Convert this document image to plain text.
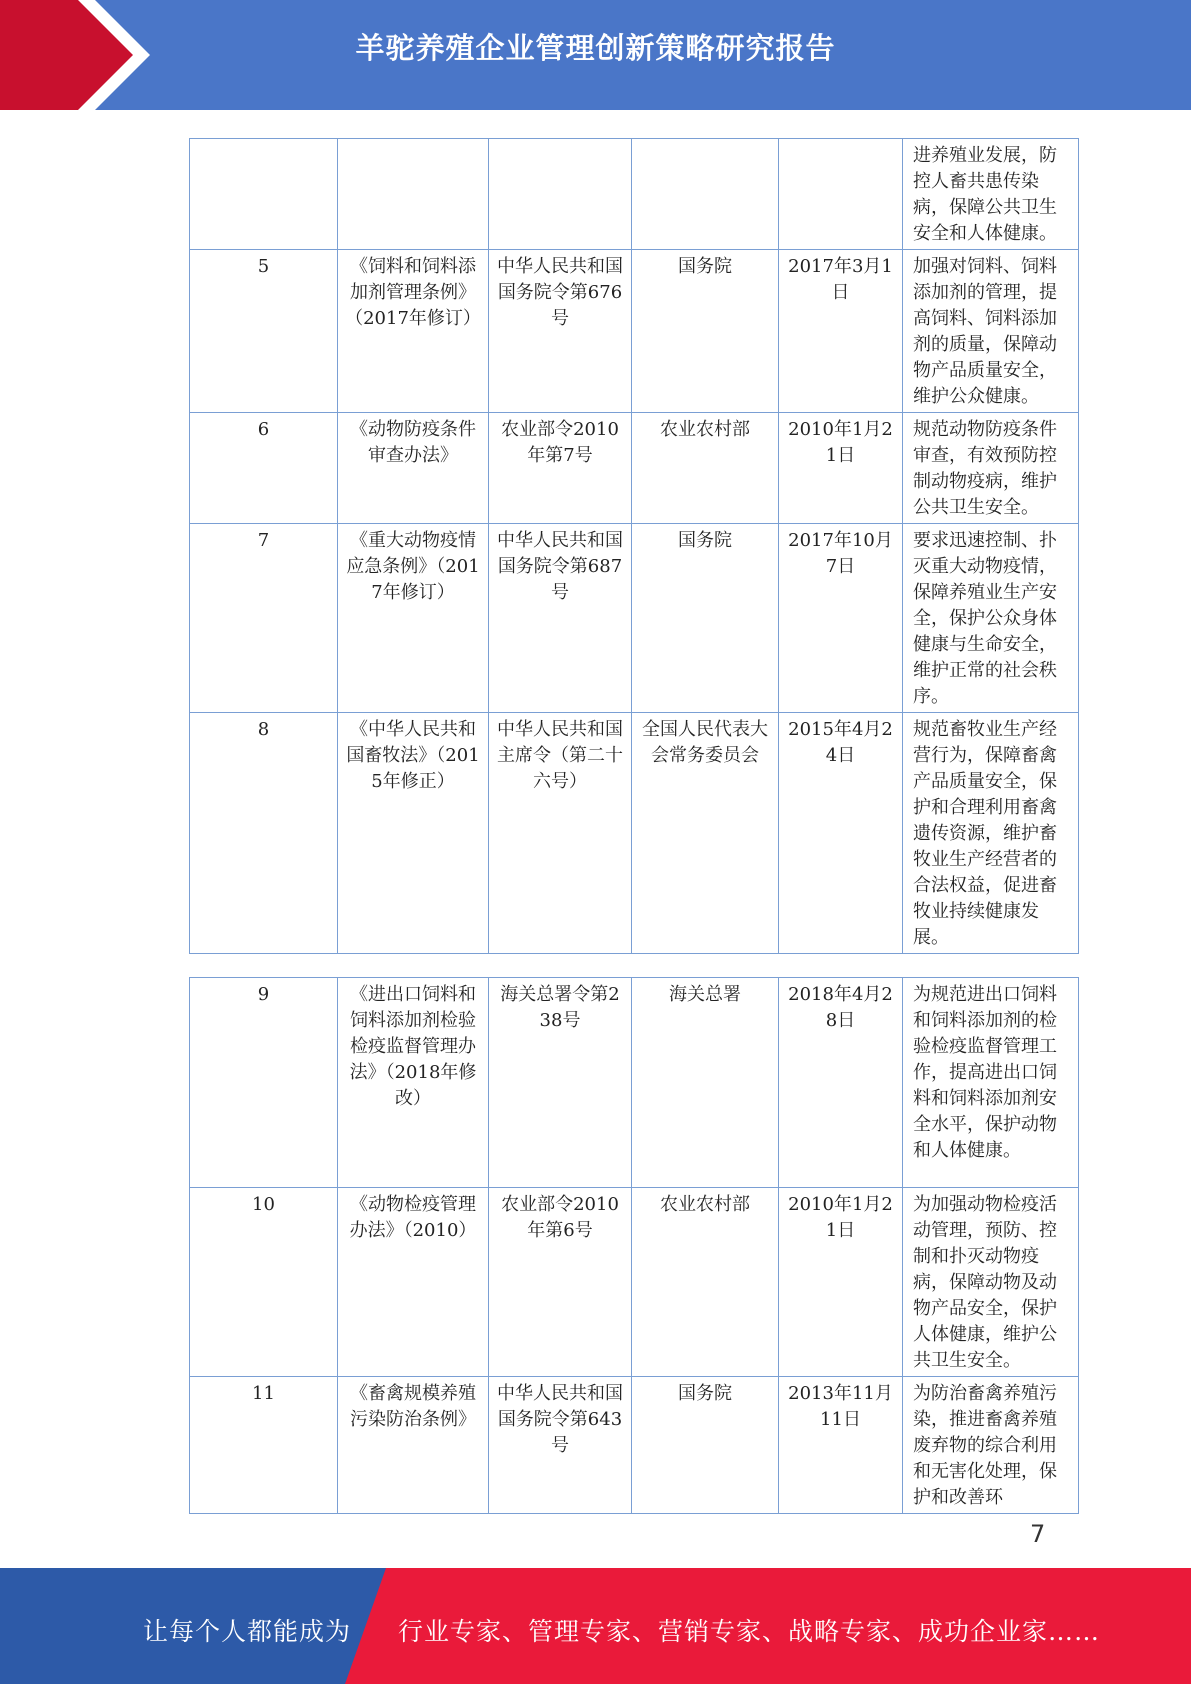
羊驼养殖企业管理创新策略研究报告
					进养殖业发展，防控人畜共患传染病，保障公共卫生安全和人体健康。
5	《饲料和饲料添加剂管理条例》（2017年修订）	中华人民共和国国务院令第676号	国务院	2017年3月1日	加强对饲料、饲料添加剂的管理，提高饲料、饲料添加剂的质量，保障动物产品质量安全，维护公众健康。
6	《动物防疫条件审查办法》	农业部令2010年第7号	农业农村部	2010年1月21日	规范动物防疫条件审查，有效预防控制动物疫病，维护公共卫生安全。
7	《重大动物疫情应急条例》（2017年修订）	中华人民共和国国务院令第687号	国务院	2017年10月7日	要求迅速控制、扑灭重大动物疫情，保障养殖业生产安全，保护公众身体健康与生命安全，维护正常的社会秩序。
8	《中华人民共和国畜牧法》（2015年修正）	中华人民共和国主席令（第二十六号）	全国人民代表大会常务委员会	2015年4月24日	规范畜牧业生产经营行为，保障畜禽产品质量安全，保护和合理利用畜禽遗传资源，维护畜牧业生产经营者的合法权益，促进畜牧业持续健康发展。
9	《进出口饲料和饲料添加剂检验检疫监督管理办法》（2018年修改）	海关总署令第238号	海关总署	2018年4月28日	为规范进出口饲料和饲料添加剂的检验检疫监督管理工作，提高进出口饲料和饲料添加剂安全水平，保护动物和人体健康。
10	《动物检疫管理办法》（2010）	农业部令2010年第6号	农业农村部	2010年1月21日	为加强动物检疫活动管理，预防、控制和扑灭动物疫病，保障动物及动物产品安全，保护人体健康，维护公共卫生安全。
11	《畜禽规模养殖污染防治条例》	中华人民共和国国务院令第643号	国务院	2013年11月11日	为防治畜禽养殖污染，推进畜禽养殖废弃物的综合利用和无害化处理，保护和改善环
7
让每个人都能成为 行业专家、管理专家、营销专家、战略专家、成功企业家……
